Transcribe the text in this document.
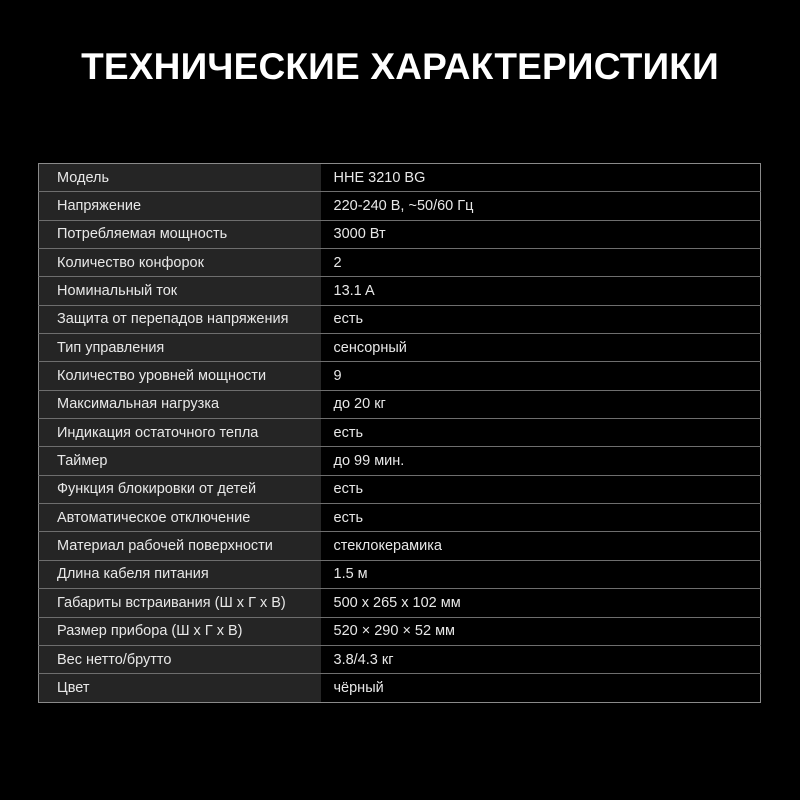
ТЕХНИЧЕСКИЕ ХАРАКТЕРИСТИКИ
Модель	HHE 3210 BG
Напряжение	220-240 В, ~50/60 Гц
Потребляемая мощность	3000 Вт
Количество конфорок	2
Номинальный ток	13.1 A
Защита от перепадов напряжения	есть
Тип управления	сенсорный
Количество уровней мощности	9
Максимальная нагрузка	до 20 кг
Индикация остаточного тепла	есть
Таймер	до 99 мин.
Функция блокировки от детей	есть
Автоматическое отключение	есть
Материал рабочей поверхности	стеклокерамика
Длина кабеля питания	1.5 м
Габариты встраивания (Ш х Г х В)	500 х 265 х 102 мм
Размер прибора (Ш х Г х В)	520 × 290 × 52 мм
Вес нетто/брутто	3.8/4.3 кг
Цвет	чёрный
